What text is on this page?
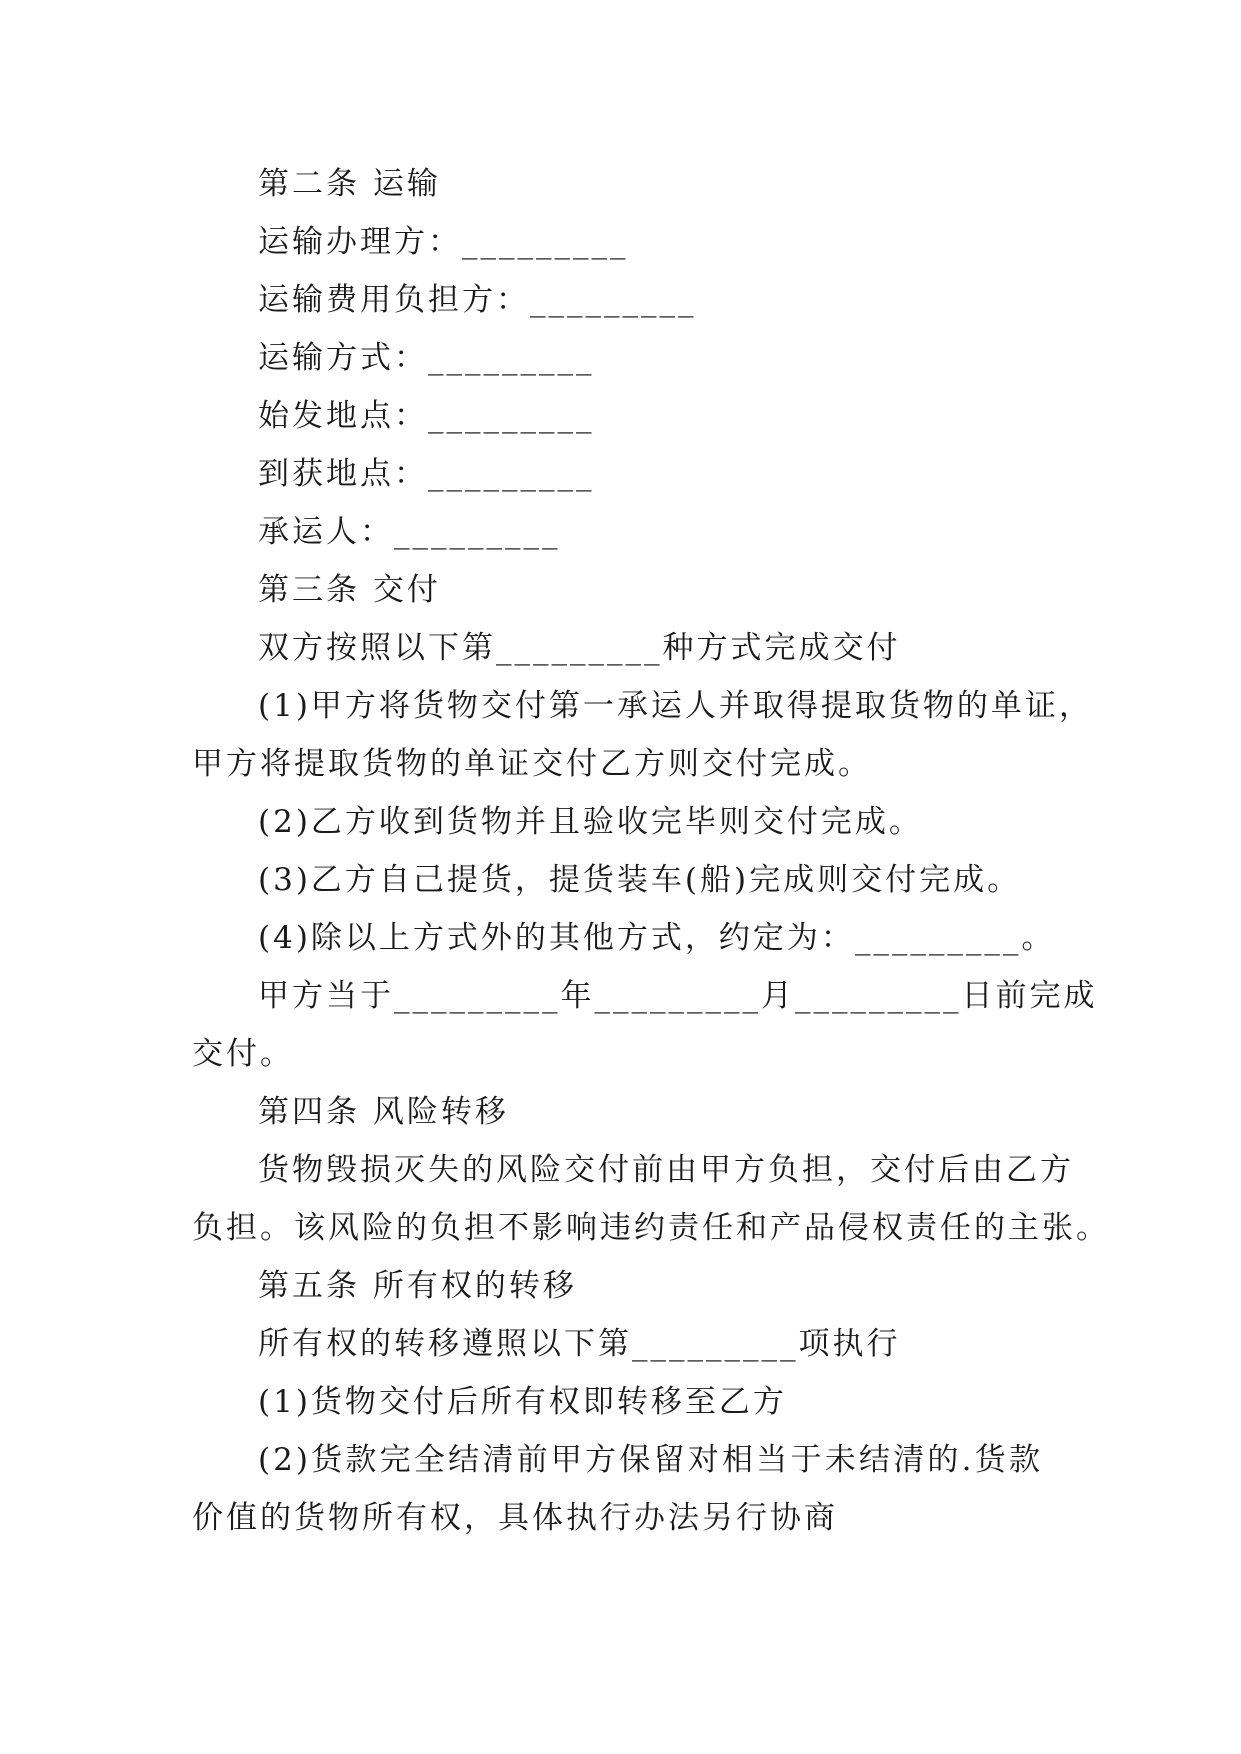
第二条 运输
运输办理方：_________
运输费用负担方：_________
运输方式：_________
始发地点：_________
到获地点：_________
承运人：_________
第三条 交付
双方按照以下第_________种方式完成交付
(1)甲方将货物交付第一承运人并取得提取货物的单证，
甲方将提取货物的单证交付乙方则交付完成。
(2)乙方收到货物并且验收完毕则交付完成。
(3)乙方自己提货，提货装车(船)完成则交付完成。
(4)除以上方式外的其他方式，约定为：_________。
甲方当于_________年_________月_________日前完成
交付。
第四条 风险转移
货物毁损灭失的风险交付前由甲方负担，交付后由乙方
负担。该风险的负担不影响违约责任和产品侵权责任的主张。
第五条 所有权的转移
所有权的转移遵照以下第_________项执行
(1)货物交付后所有权即转移至乙方
(2)货款完全结清前甲方保留对相当于未结清的.货款
价值的货物所有权，具体执行办法另行协商
